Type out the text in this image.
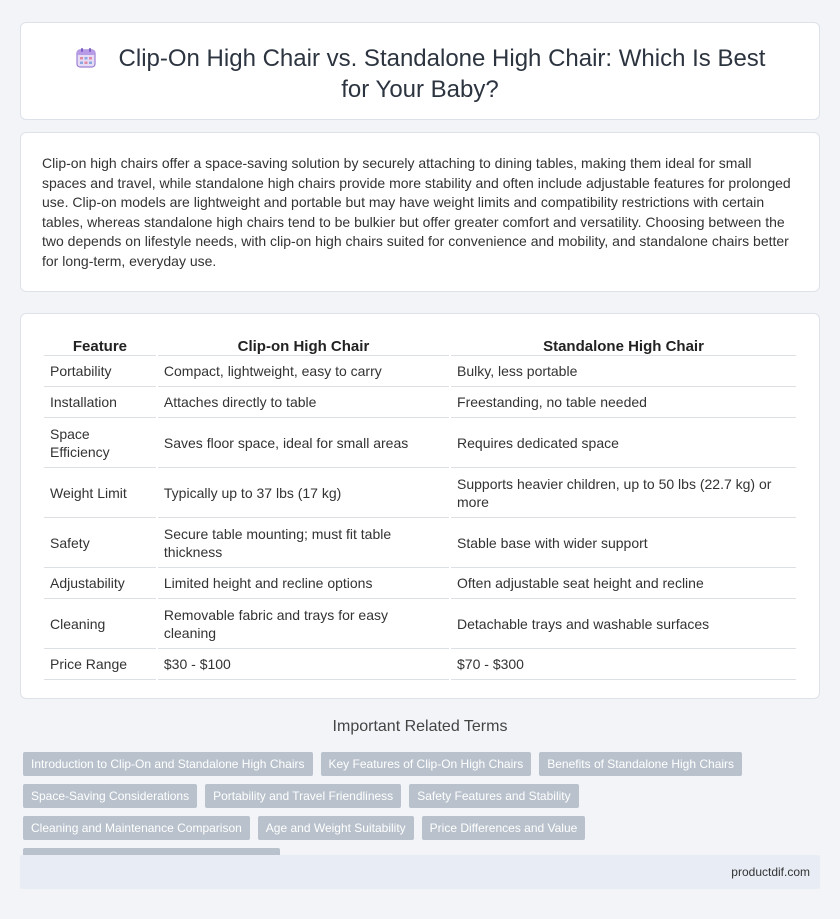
Clip-On High Chair vs. Standalone High Chair: Which Is Best for Your Baby?

Clip-on high chairs offer a space-saving solution by securely attaching to dining tables, making them ideal for small spaces and travel, while standalone high chairs provide more stability and often include adjustable features for prolonged use. Clip-on models are lightweight and portable but may have weight limits and compatibility restrictions with certain tables, whereas standalone high chairs tend to be bulkier but offer greater comfort and versatility. Choosing between the two depends on lifestyle needs, with clip-on high chairs suited for convenience and mobility, and standalone chairs better for long-term, everyday use.

Feature	Clip-on High Chair	Standalone High Chair
Portability	Compact, lightweight, easy to carry	Bulky, less portable
Installation	Attaches directly to table	Freestanding, no table needed
Space Efficiency	Saves floor space, ideal for small areas	Requires dedicated space
Weight Limit	Typically up to 37 lbs (17 kg)	Supports heavier children, up to 50 lbs (22.7 kg) or more
Safety	Secure table mounting; must fit table thickness	Stable base with wider support
Adjustability	Limited height and recline options	Often adjustable seat height and recline
Cleaning	Removable fabric and trays for easy cleaning	Detachable trays and washable surfaces
Price Range	$30 - $100	$70 - $300
Important Related Terms
Introduction to Clip-On and Standalone High Chairs	Key Features of Clip-On High Chairs	Benefits of Standalone High Chairs
Space-Saving Considerations	Portability and Travel Friendliness	Safety Features and Stability
Cleaning and Maintenance Comparison	Age and Weight Suitability	Price Differences and Value
productdif.com
